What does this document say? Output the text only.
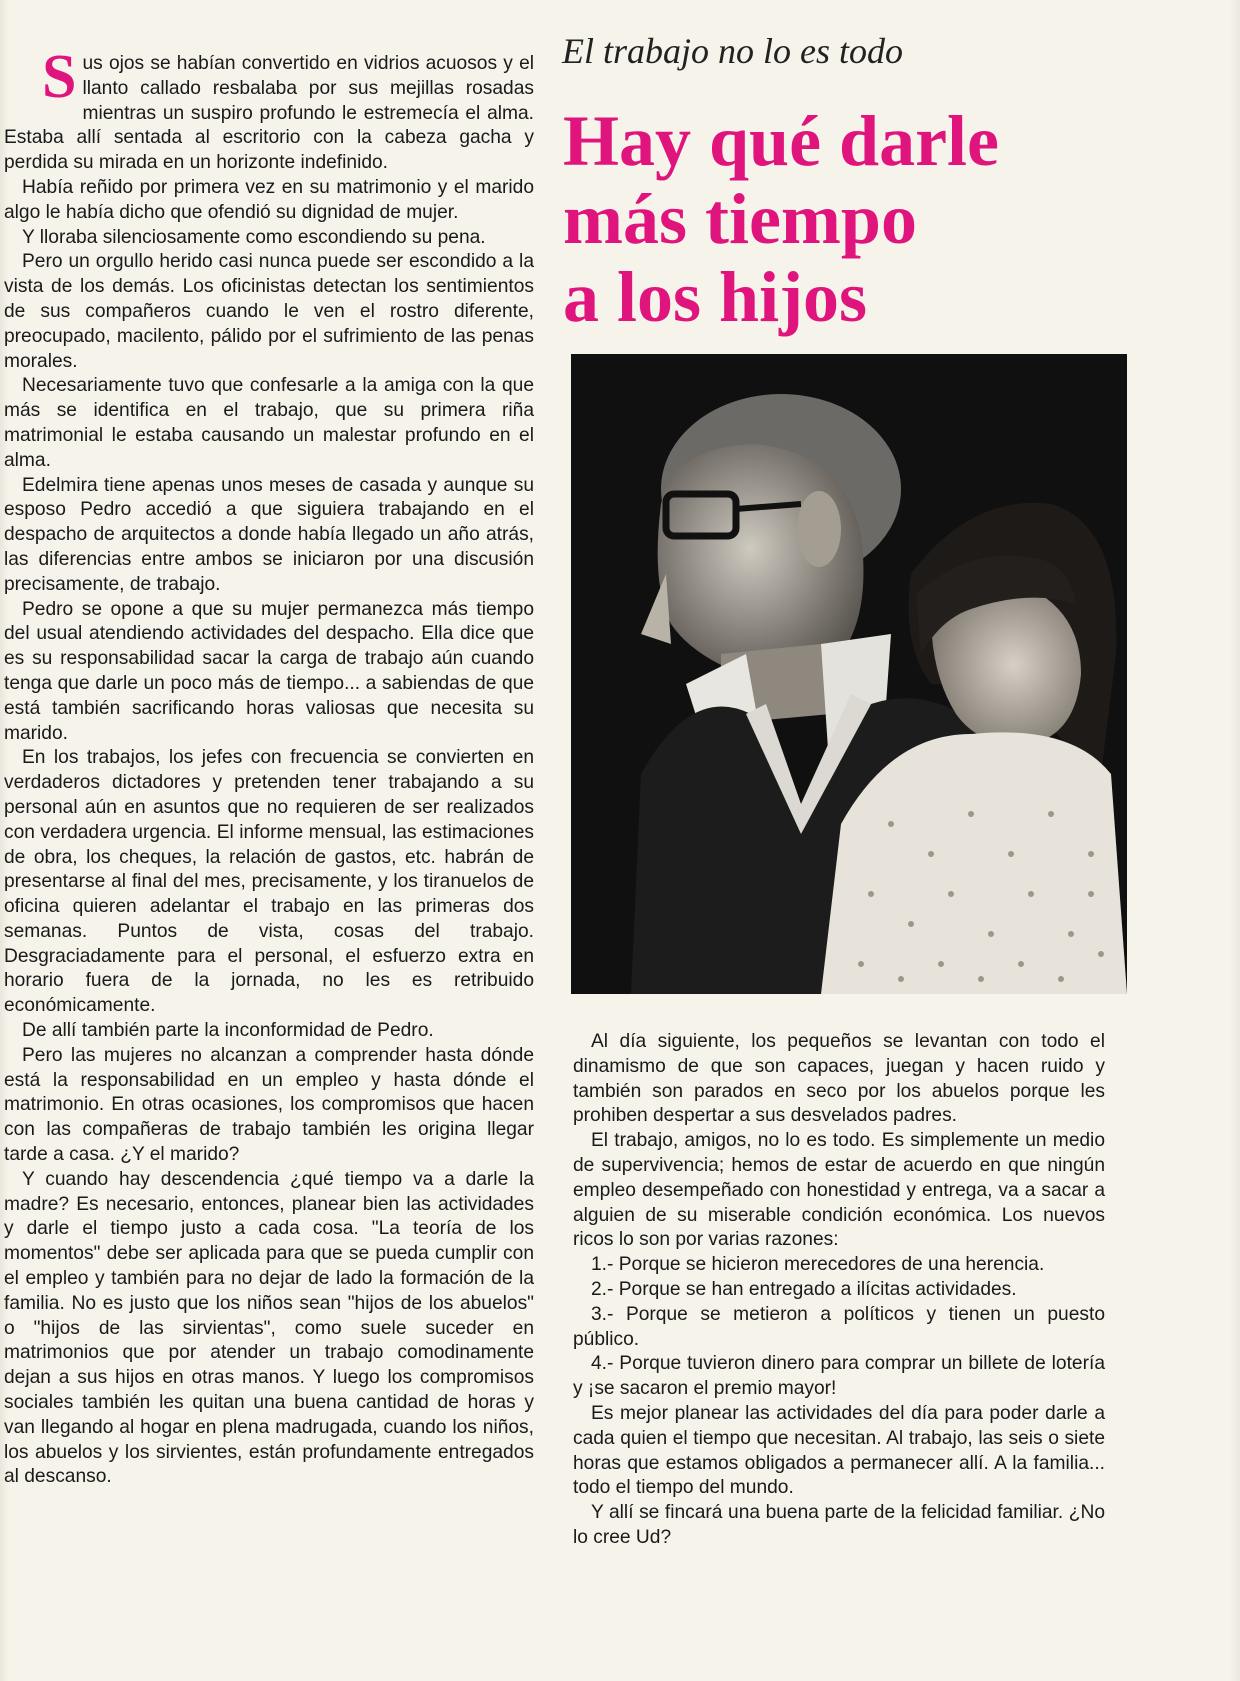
El trabajo no lo es todo
Hay qué darle
más tiempo
a los hijos

Sus ojos se habían convertido en vidrios acuosos y el llanto callado resbalaba por sus mejillas rosadas mientras un suspiro profundo le estremecía el alma. Estaba allí sentada al escritorio con la cabeza gacha y perdida su mirada en un horizonte indefinido.

Había reñido por primera vez en su matrimonio y el marido algo le había dicho que ofendió su dignidad de mujer.

Y lloraba silenciosamente como escondiendo su pena.

Pero un orgullo herido casi nunca puede ser escondido a la vista de los demás. Los oficinistas detectan los sentimientos de sus compañeros cuando le ven el rostro diferente, preocupado, macilento, pálido por el sufrimiento de las penas morales.

Necesariamente tuvo que confesarle a la amiga con la que más se identifica en el trabajo, que su primera riña matrimonial le estaba causando un malestar profundo en el alma.

Edelmira tiene apenas unos meses de casada y aunque su esposo Pedro accedió a que siguiera trabajando en el despacho de arquitectos a donde había llegado un año atrás, las diferencias entre ambos se iniciaron por una discusión precisamente, de trabajo.

Pedro se opone a que su mujer permanezca más tiempo del usual atendiendo actividades del despacho. Ella dice que es su responsabilidad sacar la carga de trabajo aún cuando tenga que darle un poco más de tiempo... a sabiendas de que está también sacrificando horas valiosas que necesita su marido.

En los trabajos, los jefes con frecuencia se convierten en verdaderos dictadores y pretenden tener trabajando a su personal aún en asuntos que no requieren de ser realizados con verdadera urgencia. El informe mensual, las estimaciones de obra, los cheques, la relación de gastos, etc. habrán de presentarse al final del mes, precisamente, y los tiranuelos de oficina quieren adelantar el trabajo en las primeras dos semanas. Puntos de vista, cosas del trabajo. Desgraciadamente para el personal, el esfuerzo extra en horario fuera de la jornada, no les es retribuido económicamente.

De allí también parte la inconformidad de Pedro.

Pero las mujeres no alcanzan a comprender hasta dónde está la responsabilidad en un empleo y hasta dónde el matrimonio. En otras ocasiones, los compromisos que hacen con las compañeras de trabajo también les origina llegar tarde a casa. ¿Y el marido?

Y cuando hay descendencia ¿qué tiempo va a darle la madre? Es necesario, entonces, planear bien las actividades y darle el tiempo justo a cada cosa. "La teoría de los momentos" debe ser aplicada para que se pueda cumplir con el empleo y también para no dejar de lado la formación de la familia. No es justo que los niños sean "hijos de los abuelos" o "hijos de las sirvientas", como suele suceder en matrimonios que por atender un trabajo comodinamente dejan a sus hijos en otras manos. Y luego los compromisos sociales también les quitan una buena cantidad de horas y van llegando al hogar en plena madrugada, cuando los niños, los abuelos y los sirvientes, están profundamente entregados al descanso.

Al día siguiente, los pequeños se levantan con todo el dinamismo de que son capaces, juegan y hacen ruido y también son parados en seco por los abuelos porque les prohiben despertar a sus desvelados padres.

El trabajo, amigos, no lo es todo. Es simplemente un medio de supervivencia; hemos de estar de acuerdo en que ningún empleo desempeñado con honestidad y entrega, va a sacar a alguien de su miserable condición económica. Los nuevos ricos lo son por varias razones:

1.- Porque se hicieron merecedores de una herencia.

2.- Porque se han entregado a ilícitas actividades.

3.- Porque se metieron a políticos y tienen un puesto público.

4.- Porque tuvieron dinero para comprar un billete de lotería y ¡se sacaron el premio mayor!

Es mejor planear las actividades del día para poder darle a cada quien el tiempo que necesitan. Al trabajo, las seis o siete horas que estamos obligados a permanecer allí. A la familia... todo el tiempo del mundo.

Y allí se fincará una buena parte de la felicidad familiar. ¿No lo cree Ud?
